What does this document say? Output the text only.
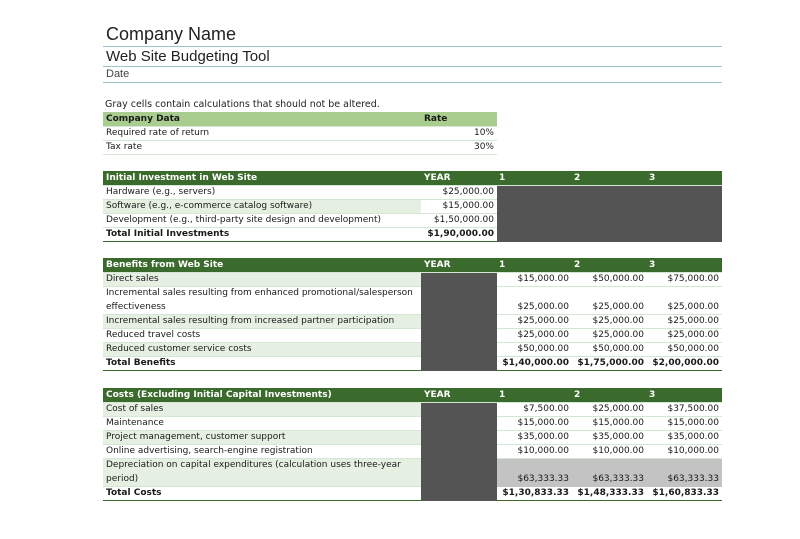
Company Name
Web Site Budgeting Tool
Date
Gray cells contain calculations that should not be altered.
Company Data	Rate
Required rate of return	10%
Tax rate	30%
Initial Investment in Web Site	YEAR	1	2	3
Hardware (e.g., servers)	$25,000.00			
Software (e.g., e-commerce catalog software)	$15,000.00			
Development (e.g., third-party site design and development)	$1,50,000.00			
Total Initial Investments	$1,90,000.00			
Benefits from Web Site	YEAR	1	2	3
Direct sales		$15,000.00	$50,000.00	$75,000.00
Incremental sales resulting from enhanced promotional/salesperson				
effectiveness		$25,000.00	$25,000.00	$25,000.00
Incremental sales resulting from increased partner participation		$25,000.00	$25,000.00	$25,000.00
Reduced travel costs		$25,000.00	$25,000.00	$25,000.00
Reduced customer service costs		$50,000.00	$50,000.00	$50,000.00
Total Benefits		$1,40,000.00	$1,75,000.00	$2,00,000.00
Costs (Excluding Initial Capital Investments)	YEAR	1	2	3
Cost of sales		$7,500.00	$25,000.00	$37,500.00
Maintenance		$15,000.00	$15,000.00	$15,000.00
Project management, customer support		$35,000.00	$35,000.00	$35,000.00
Online advertising, search-engine registration		$10,000.00	$10,000.00	$10,000.00
Depreciation on capital expenditures (calculation uses three-year				
period)		$63,333.33	$63,333.33	$63,333.33
Total Costs		$1,30,833.33	$1,48,333.33	$1,60,833.33
